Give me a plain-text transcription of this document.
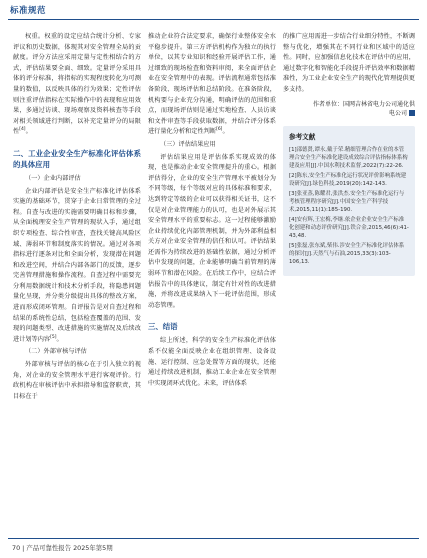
标准规范

权重。权重的设定应结合统计分析、专家评议和历史数据，体现其对安全管理全局的贡献度。评分方法应采用定量与定性相结合的方式，评估结果要全面、细致。定量评分采用具体的评分标准，将指标的实现程度转化为可测量的数值，以反映具体的行为效果；定性评估则注重评估指标在实际操作中的表现和应用效果，多通过访谈、现场观察及资料核查等手段对相关领域进行判断，以补充定量评分的局限性[4]。

二、工业企业安全生产标准化评估体系的具体应用
（一）企业内部评估

企业内部评估是安全生产标准化评估体系实施的基础环节，贯穿于企业日常管理的全过程。自查与改进的实施需要明确目标和步骤，从全面梳理安全生产管理的现状入手，通过组织专项检查、综合性审查，查找关键高风险区域、薄弱环节和制度落实的情况。通过对各项指标进行逐条对比和全面分析，发现潜在问题和改进空间，并结合内部各部门的反馈，逐步完善管理措施和操作流程。自查过程中需要充分利用数据统计和技术分析手段，将隐患问题量化呈现，并分类分级提出具体的整改方案，进而形成闭环管理。自评报告是对自查过程和结果的系统性总结，包括检查覆盖的范围、发现的问题类型、改进措施的实施情况及后续改进计划等内容[5]。

（二）外部审核与评估

外部审核与评估的核心在于引入独立的视角，对企业的安全管理水平进行客观评价。行政机构在审核评估中承担指导和监督职责，其目标在于

推动企业符合法定要求，确保行业整体安全水平稳步提升。第三方评估机构作为独立的执行单位，以其专业知识和经验开展评估工作，通过细致的现场检查和资料审阅，来全面评估企业在安全管理中的表现。评估流程通常包括准备阶段、现场评估和总结阶段。在准备阶段，机构要与企业充分沟通，明确评估的范围和重点，而现场评估则是通过实地检查、人员访谈和文件审查等手段获取数据，并结合评分体系进行量化分析和定性判断[6]。

（三）评估结果应用

评估结果应用是评估体系实现成效的体现，也是推动企业安全管理提升的重心。根据评估得分，企业的安全生产管理水平被划分为不同等级，每个等级对应的具体标准和要求，达到特定等级的企业可以获得相关证书，这不仅是对企业管理能力的认可，也是对外展示其安全管理水平的重要标志。这一过程能够激励企业持续优化内部管理机制，并为外部利益相关方对企业安全管理的信任和认可。评估结果还需作为持续改进的基础性依据，通过分析评估中发现的问题，企业能够明确当前管理的薄弱环节和潜在风险。在后续工作中，应结合评估报告中的具体建议，制定有针对性的改进措施，并将改进成果纳入下一轮评估范围，形成动态管理。

三、结语

综上所述，科学的安全生产标准化评估体系不仅能全面反映企业在组织管理、设备设施、运行控制、应急处置等方面的现状，还能通过持续改进机制，推动工业企业在安全管理中实现闭环式优化。未来，评估体系

的推广应用需进一步结合行业细分特性，不断调整与优化，增强其在不同行业和区域中的适应性。同时，应加强信息化技术在评估中的应用，通过数字化和智能化手段提升评估效率和数据精准性，为工业企业安全生产的现代化管理提供更多支持。

作者单位：国网吉林省电力公司通化供
电公司
参考文献
[1]邵德贤,谭永,戴于荣.精细管理合作在业的本管理合安全生产标准化建设成效综合评估指标体系构建及应用[J].中国水利技术监督,2022(7):22-26.
[2]陈东,安全生产标准化运行状况评价影响系统建设研究[J].绿色科技,2019(20):142-143.
[3]张亚蒸,陈耀君,张洪杰.安全生产标准化运行与考核管理程序研究[J].中国安全生产科学技术,2015,11(1):185-190.
[4]安有辉,王宏梅,李继.依企业企业安全生产标准化创建和动态评价研究[J].铁合金,2015,46(6):41-43,48.
[5]张磊,张东斌,柴伟.涉安全生产标准化评估体系的探讨[J].天然气与石油,2015,33(3):103-106,13.
70 | 产品可靠性报告 2025年第5期
